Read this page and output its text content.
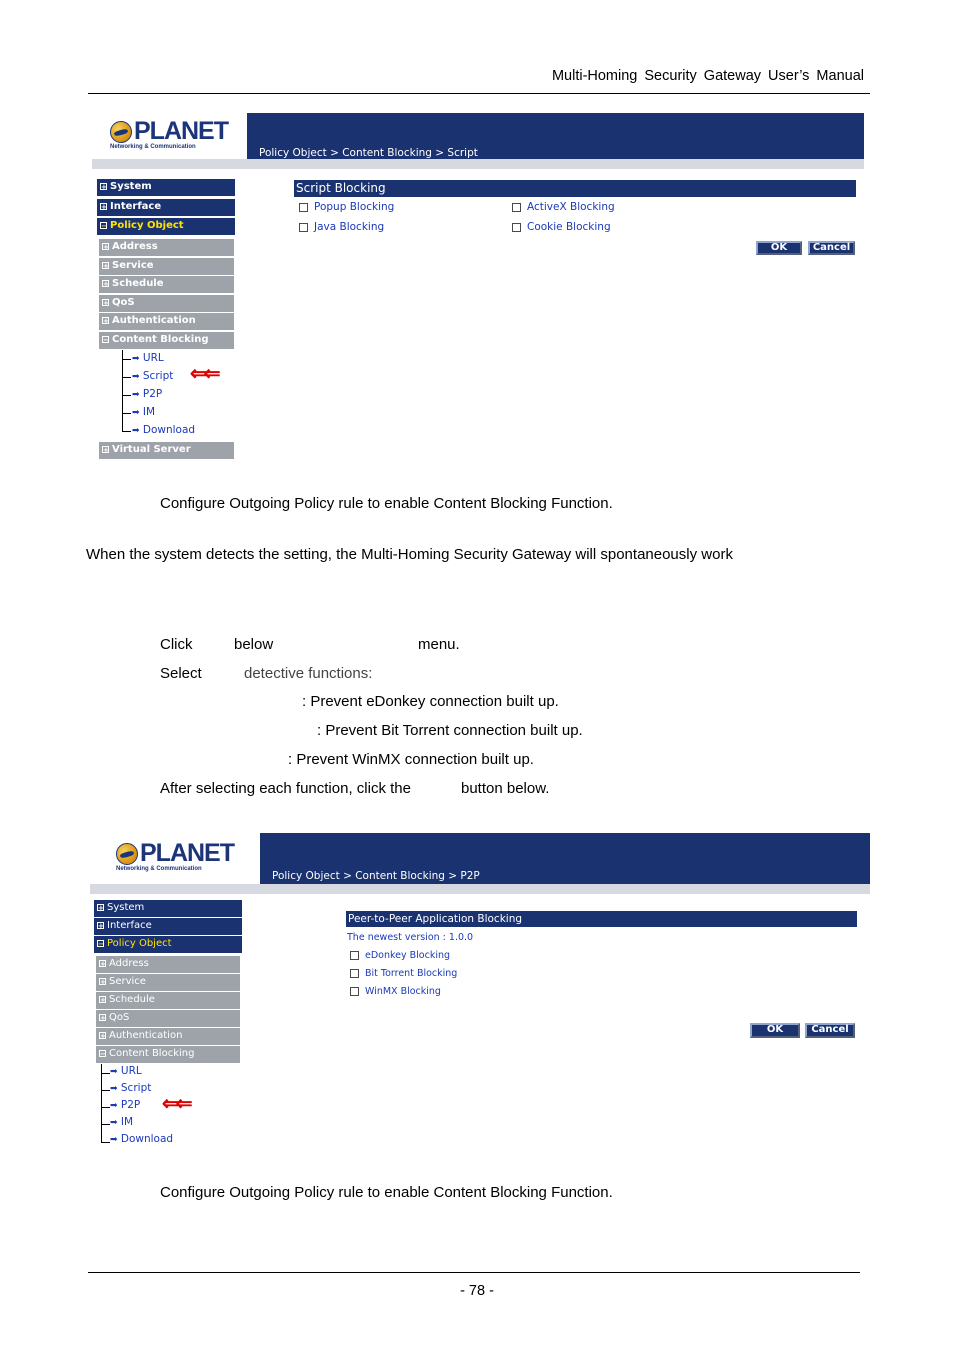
Multi-Homing Security Gateway User’s Manual
PLANET
Networking & Communication	Policy Object > Content Blocking > Script
+ System
+ Interface
− Policy Object
+ Address
+ Service
+ Schedule
+ QoS
+ Authentication
− Content Blocking
➡ URL
➡ Script
➡ P2P
➡ IM
➡ Download
⇐⇐
+ Virtual Server
Script Blocking
Popup Blocking	ActiveX Blocking
Java Blocking	Cookie Blocking
OK	Cancel
Configure Outgoing Policy rule to enable Content Blocking Function.
When the system detects the setting, the Multi-Homing Security Gateway will spontaneously work
Click	below	menu.
Select	detective functions:
: Prevent eDonkey connection built up.
: Prevent Bit Torrent connection built up.
: Prevent WinMX connection built up.
After selecting each function, click the	button below.
PLANET
Networking & Communication
Policy Object > Content Blocking > P2P
+ System
+ Interface
− Policy Object
+ Address
+ Service
+ Schedule
+ QoS
+ Authentication
− Content Blocking
➡ URL
➡ Script
➡ P2P
➡ IM
➡ Download
⇐⇐
Peer-to-Peer Application Blocking
The newest version : 1.0.0
eDonkey Blocking
Bit Torrent Blocking
WinMX Blocking
OK	Cancel
Configure Outgoing Policy rule to enable Content Blocking Function.
- 78 -
